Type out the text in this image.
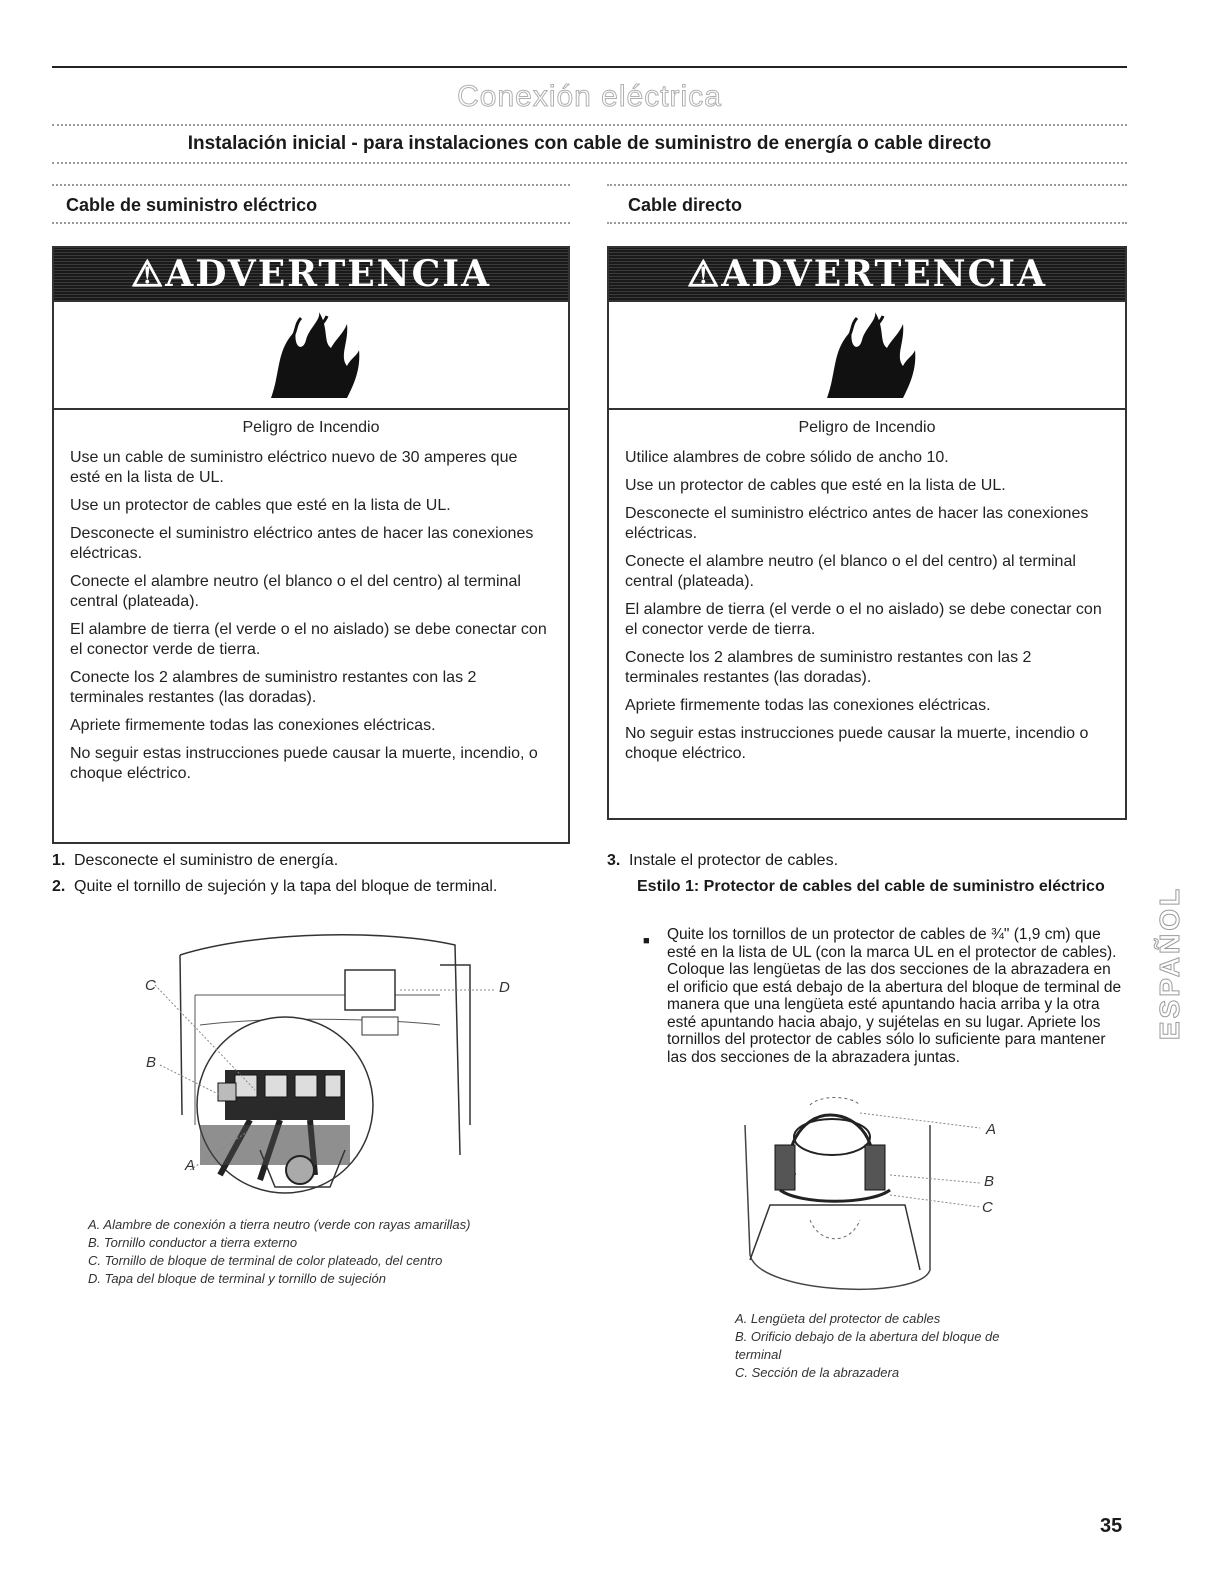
Conexión eléctrica
Instalación inicial - para instalaciones con cable de suministro de energía o cable directo
Cable de suministro eléctrico	Cable directo
⚠ADVERTENCIA
Peligro de Incendio

Use un cable de suministro eléctrico nuevo de 30 amperes que esté en la lista de UL.

Use un protector de cables que esté en la lista de UL.

Desconecte el suministro eléctrico antes de hacer las conexiones eléctricas.

Conecte el alambre neutro (el blanco o el del centro) al terminal central (plateada).

El alambre de tierra (el verde o el no aislado) se debe conectar con el conector verde de tierra.

Conecte los 2 alambres de suministro restantes con las 2 terminales restantes (las doradas).

Apriete firmemente todas las conexiones eléctricas.

No seguir estas instrucciones puede causar la muerte, incendio, o choque eléctrico.

⚠ADVERTENCIA
Peligro de Incendio

Utilice alambres de cobre sólido de ancho 10.

Use un protector de cables que esté en la lista de UL.

Desconecte el suministro eléctrico antes de hacer las conexiones eléctricas.

Conecte el alambre neutro (el blanco o el del centro) al terminal central (plateada).

El alambre de tierra (el verde o el no aislado) se debe conectar con el conector verde de tierra.

Conecte los 2 alambres de suministro restantes con las 2 terminales restantes (las doradas).

Apriete firmemente todas las conexiones eléctricas.

No seguir estas instrucciones puede causar la muerte, incendio o choque eléctrico.

1. Desconecte el suministro de energía.
2. Quite el tornillo de sujeción y la tapa del bloque de terminal.
C
B
A
D
A. Alambre de conexión a tierra neutro (verde con rayas amarillas)
B. Tornillo conductor a tierra externo
C. Tornillo de bloque de terminal de color plateado, del centro
D. Tapa del bloque de terminal y tornillo de sujeción
3. Instale el protector de cables.
Estilo 1: Protector de cables del cable de suministro eléctrico
■ Quite los tornillos de un protector de cables de ¾" (1,9 cm) que esté en la lista de UL (con la marca UL en el protector de cables). Coloque las lengüetas de las dos secciones de la abrazadera en el orificio que está debajo de la abertura del bloque de terminal de manera que una lengüeta esté apuntando hacia arriba y la otra esté apuntando hacia abajo, y sujételas en su lugar. Apriete los tornillos del protector de cables sólo lo suficiente para mantener las dos secciones de la abrazadera juntas.
A
B
C
A. Lengüeta del protector de cables
B. Orificio debajo de la abertura del bloque de terminal
C. Sección de la abrazadera
ESPAÑOL
35
